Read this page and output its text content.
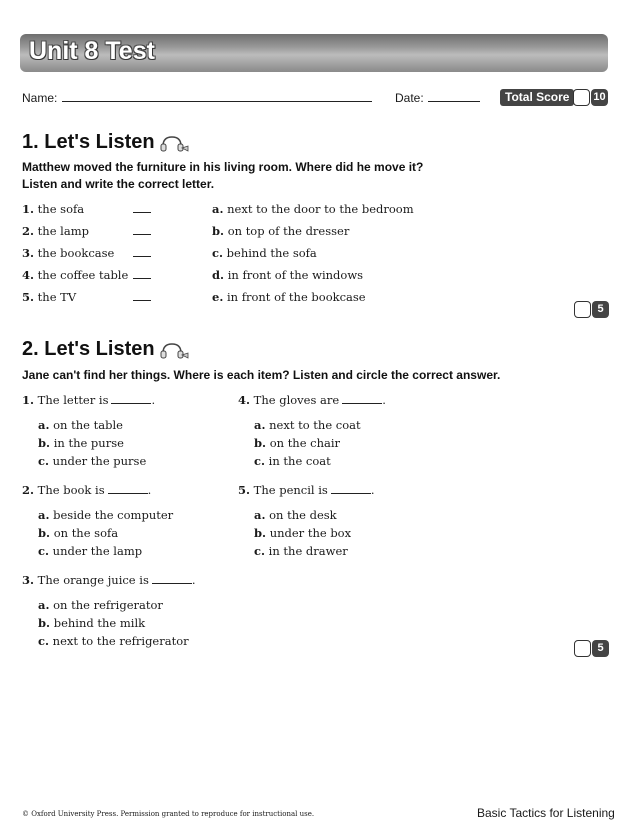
Unit 8 Test
Name:	Date:	Total Score	10
1. Let's Listen
Matthew moved the furniture in his living room. Where did he move it?
Listen and write the correct letter.
1. the sofa
2. the lamp
3. the bookcase
4. the coffee table
5. the TV
a. next to the door to the bedroom
b. on top of the dresser
c. behind the sofa
d. in front of the windows
e. in front of the bookcase
5
2. Let's Listen
Jane can't find her things. Where is each item? Listen and circle the correct answer.
1. The letter is	.
a. on the table
b. in the purse
c. under the purse
2. The book is	.
a. beside the computer
b. on the sofa
c. under the lamp
3. The orange juice is	.
a. on the refrigerator
b. behind the milk
c. next to the refrigerator
4. The gloves are	.
a. next to the coat
b. on the chair
c. in the coat
5. The pencil is	.
a. on the desk
b. under the box
c. in the drawer
5
© Oxford University Press. Permission granted to reproduce for instructional use.	Basic Tactics for Listening
